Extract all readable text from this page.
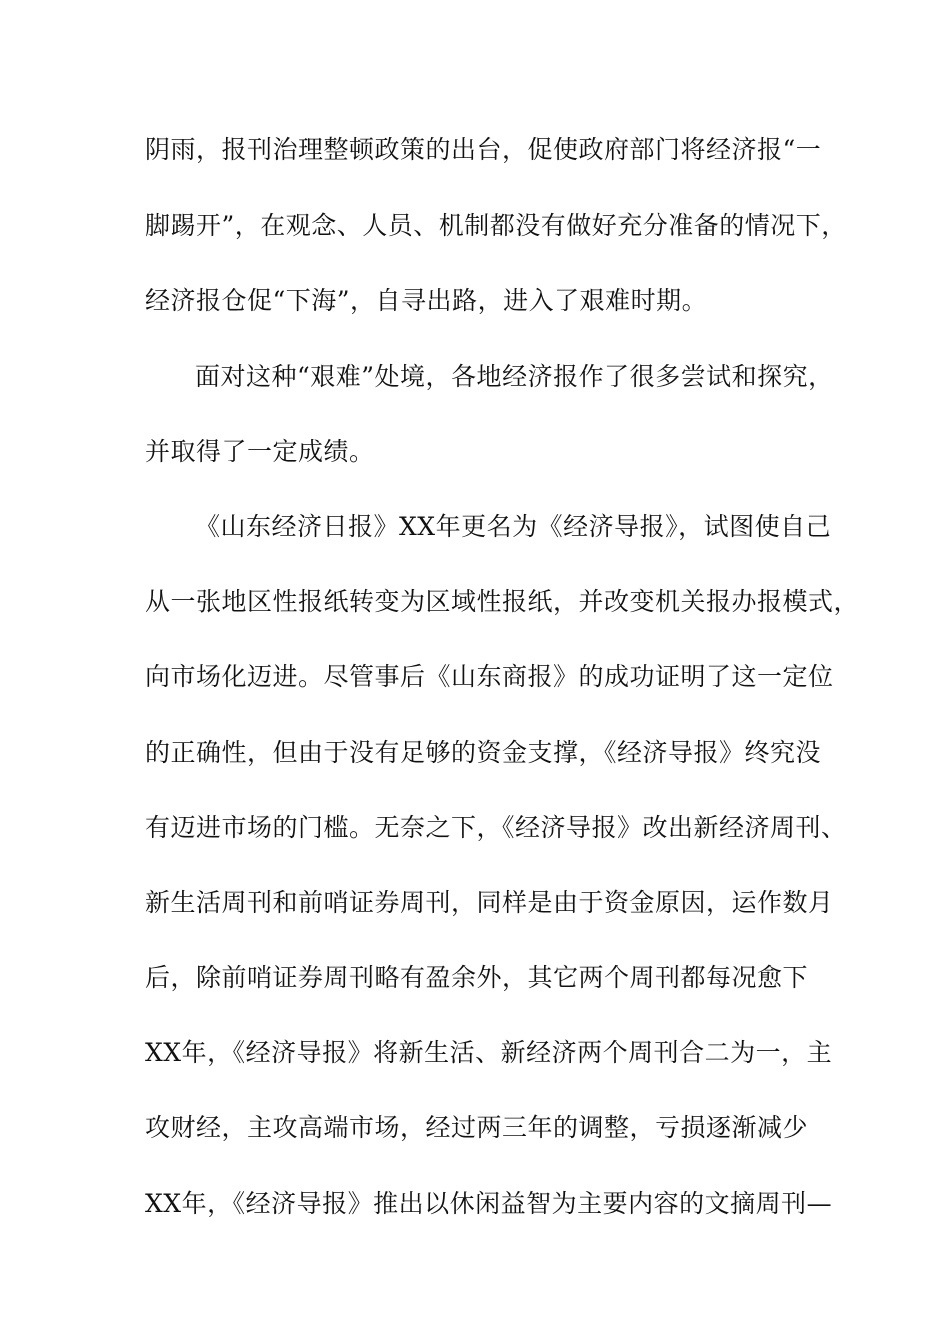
阴雨，报刊治理整顿政策的出台，促使政府部门将经济报“一
脚踢开”，在观念、人员、机制都没有做好充分准备的情况下，
经济报仓促“下海”，自寻出路，进入了艰难时期。
面对这种“艰难”处境，各地经济报作了很多尝试和探究，
并取得了一定成绩。
《山东经济日报》XX年更名为《经济导报》，试图使自己
从一张地区性报纸转变为区域性报纸，并改变机关报办报模式，
向市场化迈进。尽管事后《山东商报》的成功证明了这一定位
的正确性，但由于没有足够的资金支撑，《经济导报》终究没
有迈进市场的门槛。无奈之下，《经济导报》改出新经济周刊、
新生活周刊和前哨证券周刊，同样是由于资金原因，运作数月
后，除前哨证券周刊略有盈余外，其它两个周刊都每况愈下
XX年，《经济导报》将新生活、新经济两个周刊合二为一，主
攻财经，主攻高端市场，经过两三年的调整，亏损逐渐减少
XX年，《经济导报》推出以休闲益智为主要内容的文摘周刊—
